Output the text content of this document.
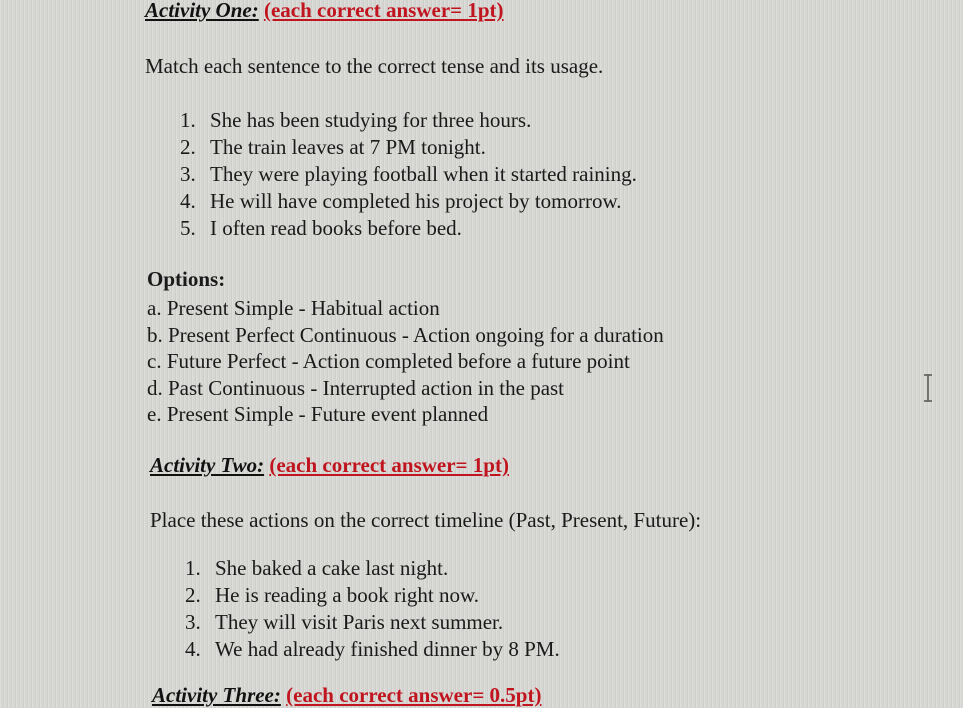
Activity One: (each correct answer= 1pt)
Match each sentence to the correct tense and its usage.
1. She has been studying for three hours.
2. The train leaves at 7 PM tonight.
3. They were playing football when it started raining.
4. He will have completed his project by tomorrow.
5. I often read books before bed.
Options:
a. Present Simple - Habitual action
b. Present Perfect Continuous - Action ongoing for a duration
c. Future Perfect - Action completed before a future point
d. Past Continuous - Interrupted action in the past
e. Present Simple - Future event planned
Activity Two: (each correct answer= 1pt)
Place these actions on the correct timeline (Past, Present, Future):
1. She baked a cake last night.
2. He is reading a book right now.
3. They will visit Paris next summer.
4. We had already finished dinner by 8 PM.
Activity Three: (each correct answer= 0.5pt)
